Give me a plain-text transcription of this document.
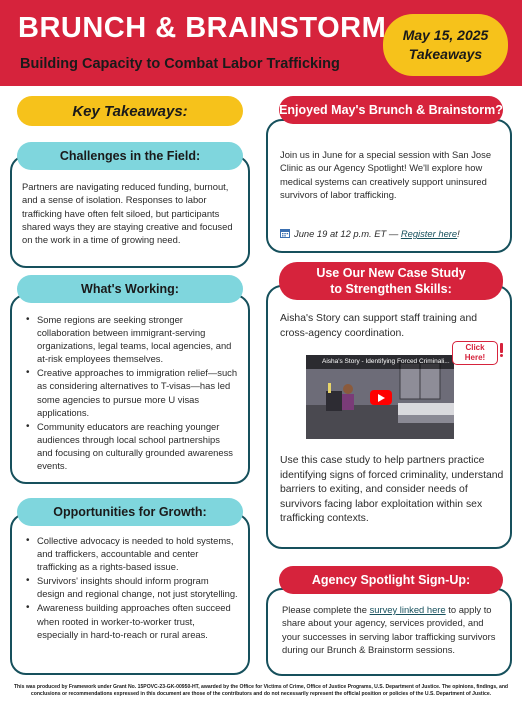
BRUNCH & BRAINSTORM
Building Capacity to Combat Labor Trafficking
May 15, 2025
Takeaways
Key Takeaways:
Challenges in the Field:
Partners are navigating reduced funding, burnout, and a sense of isolation. Responses to labor trafficking have often felt siloed, but participants shared ways they are staying creative and focused on the work in a time of growing need.
What's Working:
• Some regions are seeking stronger collaboration between immigrant-serving organizations, legal teams, local agencies, and at-risk employees themselves.
• Creative approaches to immigration relief—such as considering alternatives to T-visas—has led some agencies to pursue more U visas applications.
• Community educators are reaching younger audiences through local school partnerships and focusing on culturally grounded awareness events.
Opportunities for Growth:
• Collective advocacy is needed to hold systems, and traffickers, accountable and center trafficking as a rights-based issue.
• Survivors' insights should inform program design and regional change, not just storytelling.
• Awareness building approaches often succeed when rooted in worker-to-worker trust, especially in hard-to-reach or rural areas.
Enjoyed May's Brunch & Brainstorm?
Join us in June for a special session with San Jose Clinic as our Agency Spotlight! We'll explore how medical systems can creatively support uninsured survivors of labor trafficking.
June 19 at 12 p.m. ET — Register here!
Use Our New Case Study
to Strengthen Skills:
Aisha's Story can support staff training and cross-agency coordination.
Aisha's Story - Identifying Forced Criminali...
Click
Here!
Use this case study to help partners practice identifying signs of forced criminality, understand barriers to exiting, and consider needs of survivors facing labor exploitation within sex trafficking contexts.
Agency Spotlight Sign-Up:
Please complete the survey linked here to apply to share about your agency, services provided, and your successes in serving labor trafficking survivors during our Brunch & Brainstorm sessions.
This was produced by Framework under Grant No. 15POVC-23-GK-00950-HT, awarded by the Office for Victims of Crime, Office of Justice Programs, U.S. Department of Justice. The opinions, findings, and conclusions or recommendations expressed in this document are those of the contributors and do not necessarily represent the official position or policies of the U.S. Department of Justice.
